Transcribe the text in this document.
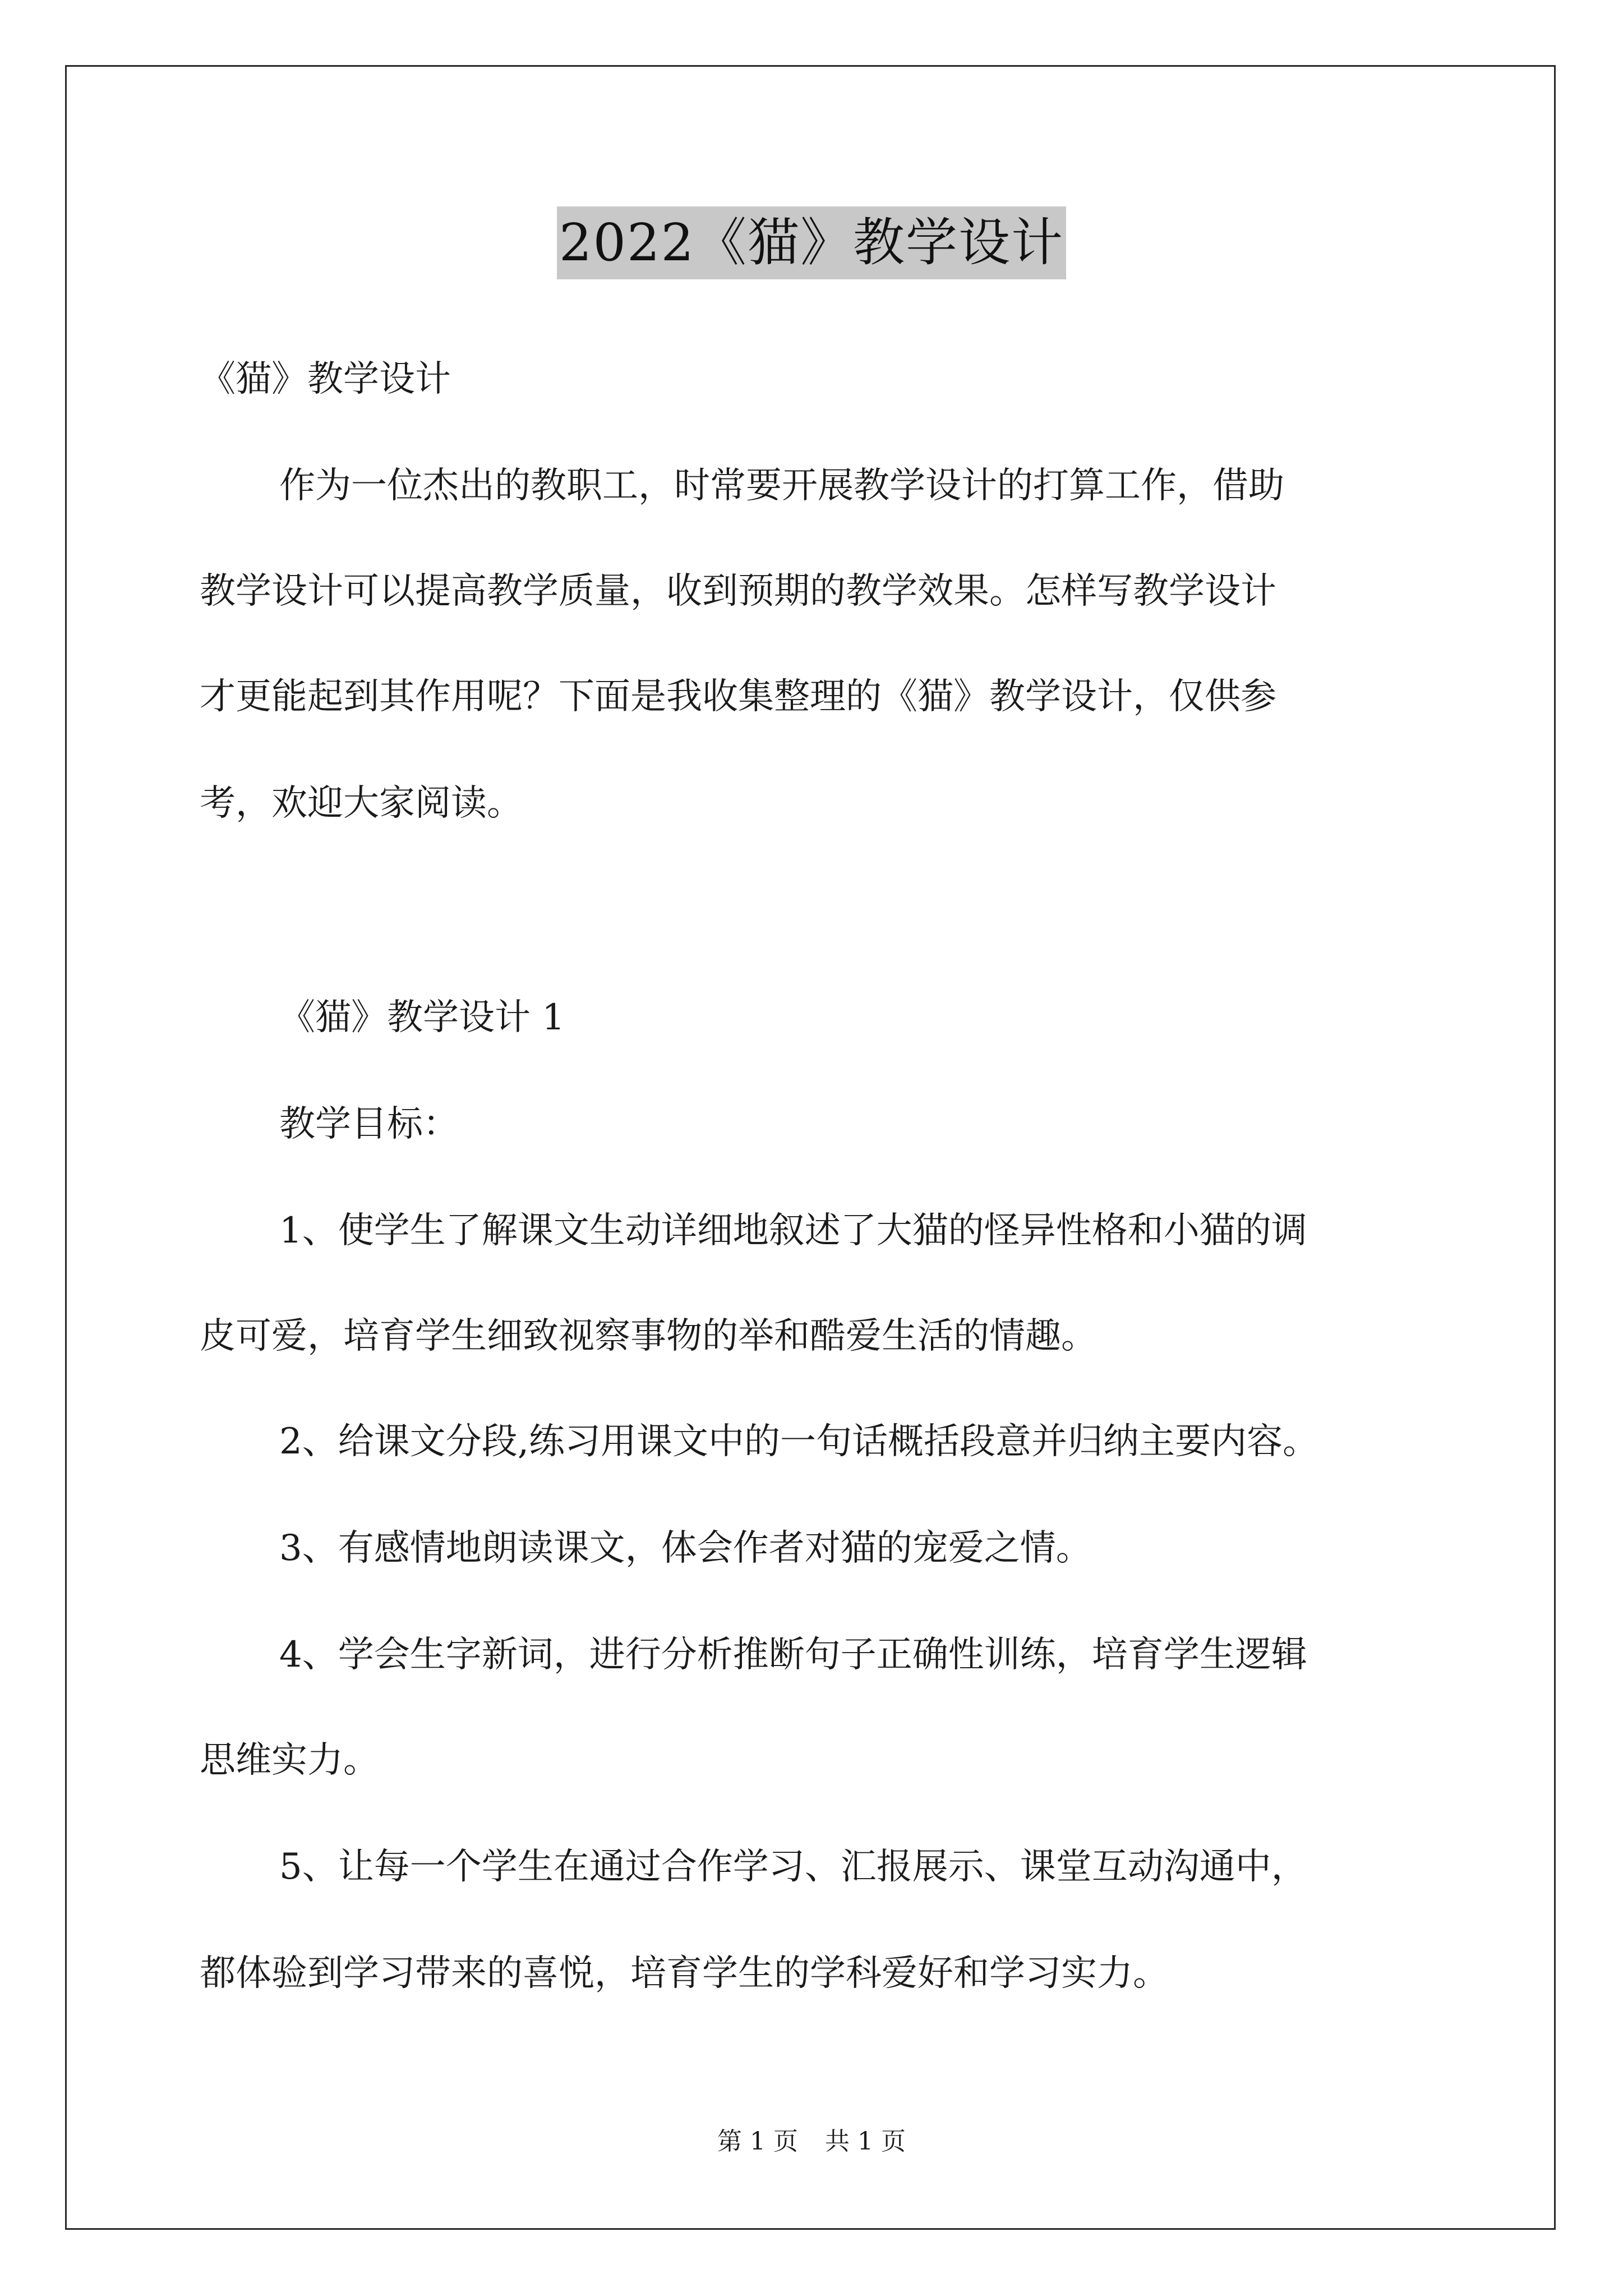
2022《猫》教学设计
《猫》教学设计
作为一位杰出的教职工，时常要开展教学设计的打算工作，借助
教学设计可以提高教学质量，收到预期的教学效果。怎样写教学设计
才更能起到其作用呢？下面是我收集整理的《猫》教学设计，仅供参
考，欢迎大家阅读。
《猫》教学设计 1
教学目标：
1、使学生了解课文生动详细地叙述了大猫的怪异性格和小猫的调
皮可爱，培育学生细致视察事物的举和酷爱生活的情趣。
2、给课文分段,练习用课文中的一句话概括段意并归纳主要内容。
3、有感情地朗读课文，体会作者对猫的宠爱之情。
4、学会生字新词，进行分析推断句子正确性训练，培育学生逻辑
思维实力。
5、让每一个学生在通过合作学习、汇报展示、课堂互动沟通中，
都体验到学习带来的喜悦，培育学生的学科爱好和学习实力。
第 1 页 共 1 页
